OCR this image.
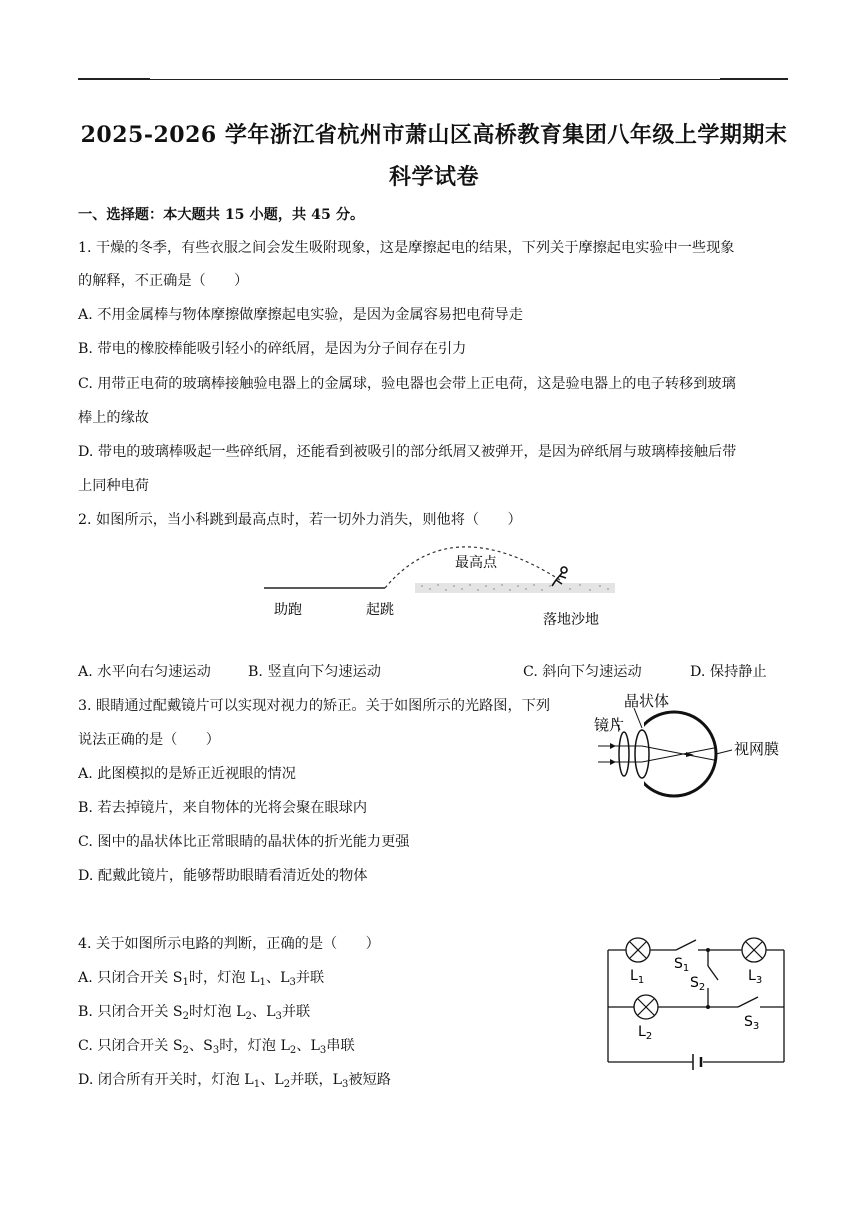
2025-2026 学年浙江省杭州市萧山区高桥教育集团八年级上学期期末
科学试卷
一、选择题：本大题共 15 小题，共 45 分。
1. 干燥的冬季，有些衣服之间会发生吸附现象，这是摩擦起电的结果，下列关于摩擦起电实验中一些现象
的解释，不正确是（　　）
A. 不用金属棒与物体摩擦做摩擦起电实验，是因为金属容易把电荷导走
B. 带电的橡胶棒能吸引轻小的碎纸屑，是因为分子间存在引力
C. 用带正电荷的玻璃棒接触验电器上的金属球，验电器也会带上正电荷，这是验电器上的电子转移到玻璃
棒上的缘故
D. 带电的玻璃棒吸起一些碎纸屑，还能看到被吸引的部分纸屑又被弹开，是因为碎纸屑与玻璃棒接触后带
上同种电荷
2. 如图所示，当小科跳到最高点时，若一切外力消失，则他将（　　）
最高点
助跑	起跳
落地沙地
A. 水平向右匀速运动	B. 竖直向下匀速运动	C. 斜向下匀速运动	D. 保持静止
3. 眼睛通过配戴镜片可以实现对视力的矫正。关于如图所示的光路图，下列
说法正确的是（　　）
A. 此图模拟的是矫正近视眼的情况
B. 若去掉镜片，来自物体的光将会聚在眼球内
C. 图中的晶状体比正常眼睛的晶状体的折光能力更强
D. 配戴此镜片，能够帮助眼睛看清近处的物体
镜片
晶状体
视网膜
4. 关于如图所示电路的判断，正确的是（　　）
A. 只闭合开关 $S_1$时，灯泡 $L_1$、$L_3$并联
B. 只闭合开关 $S_2$时灯泡 $L_2$、$L_3$并联
C. 只闭合开关 $S_2$、$S_3$时，灯泡 $L_2$、$L_3$串联
D. 闭合所有开关时，灯泡 $L_1$、$L_2$并联，$L_3$被短路
$L_1$
$S_1$
$S_2$
$L_3$
$L_2$
$S_3$
